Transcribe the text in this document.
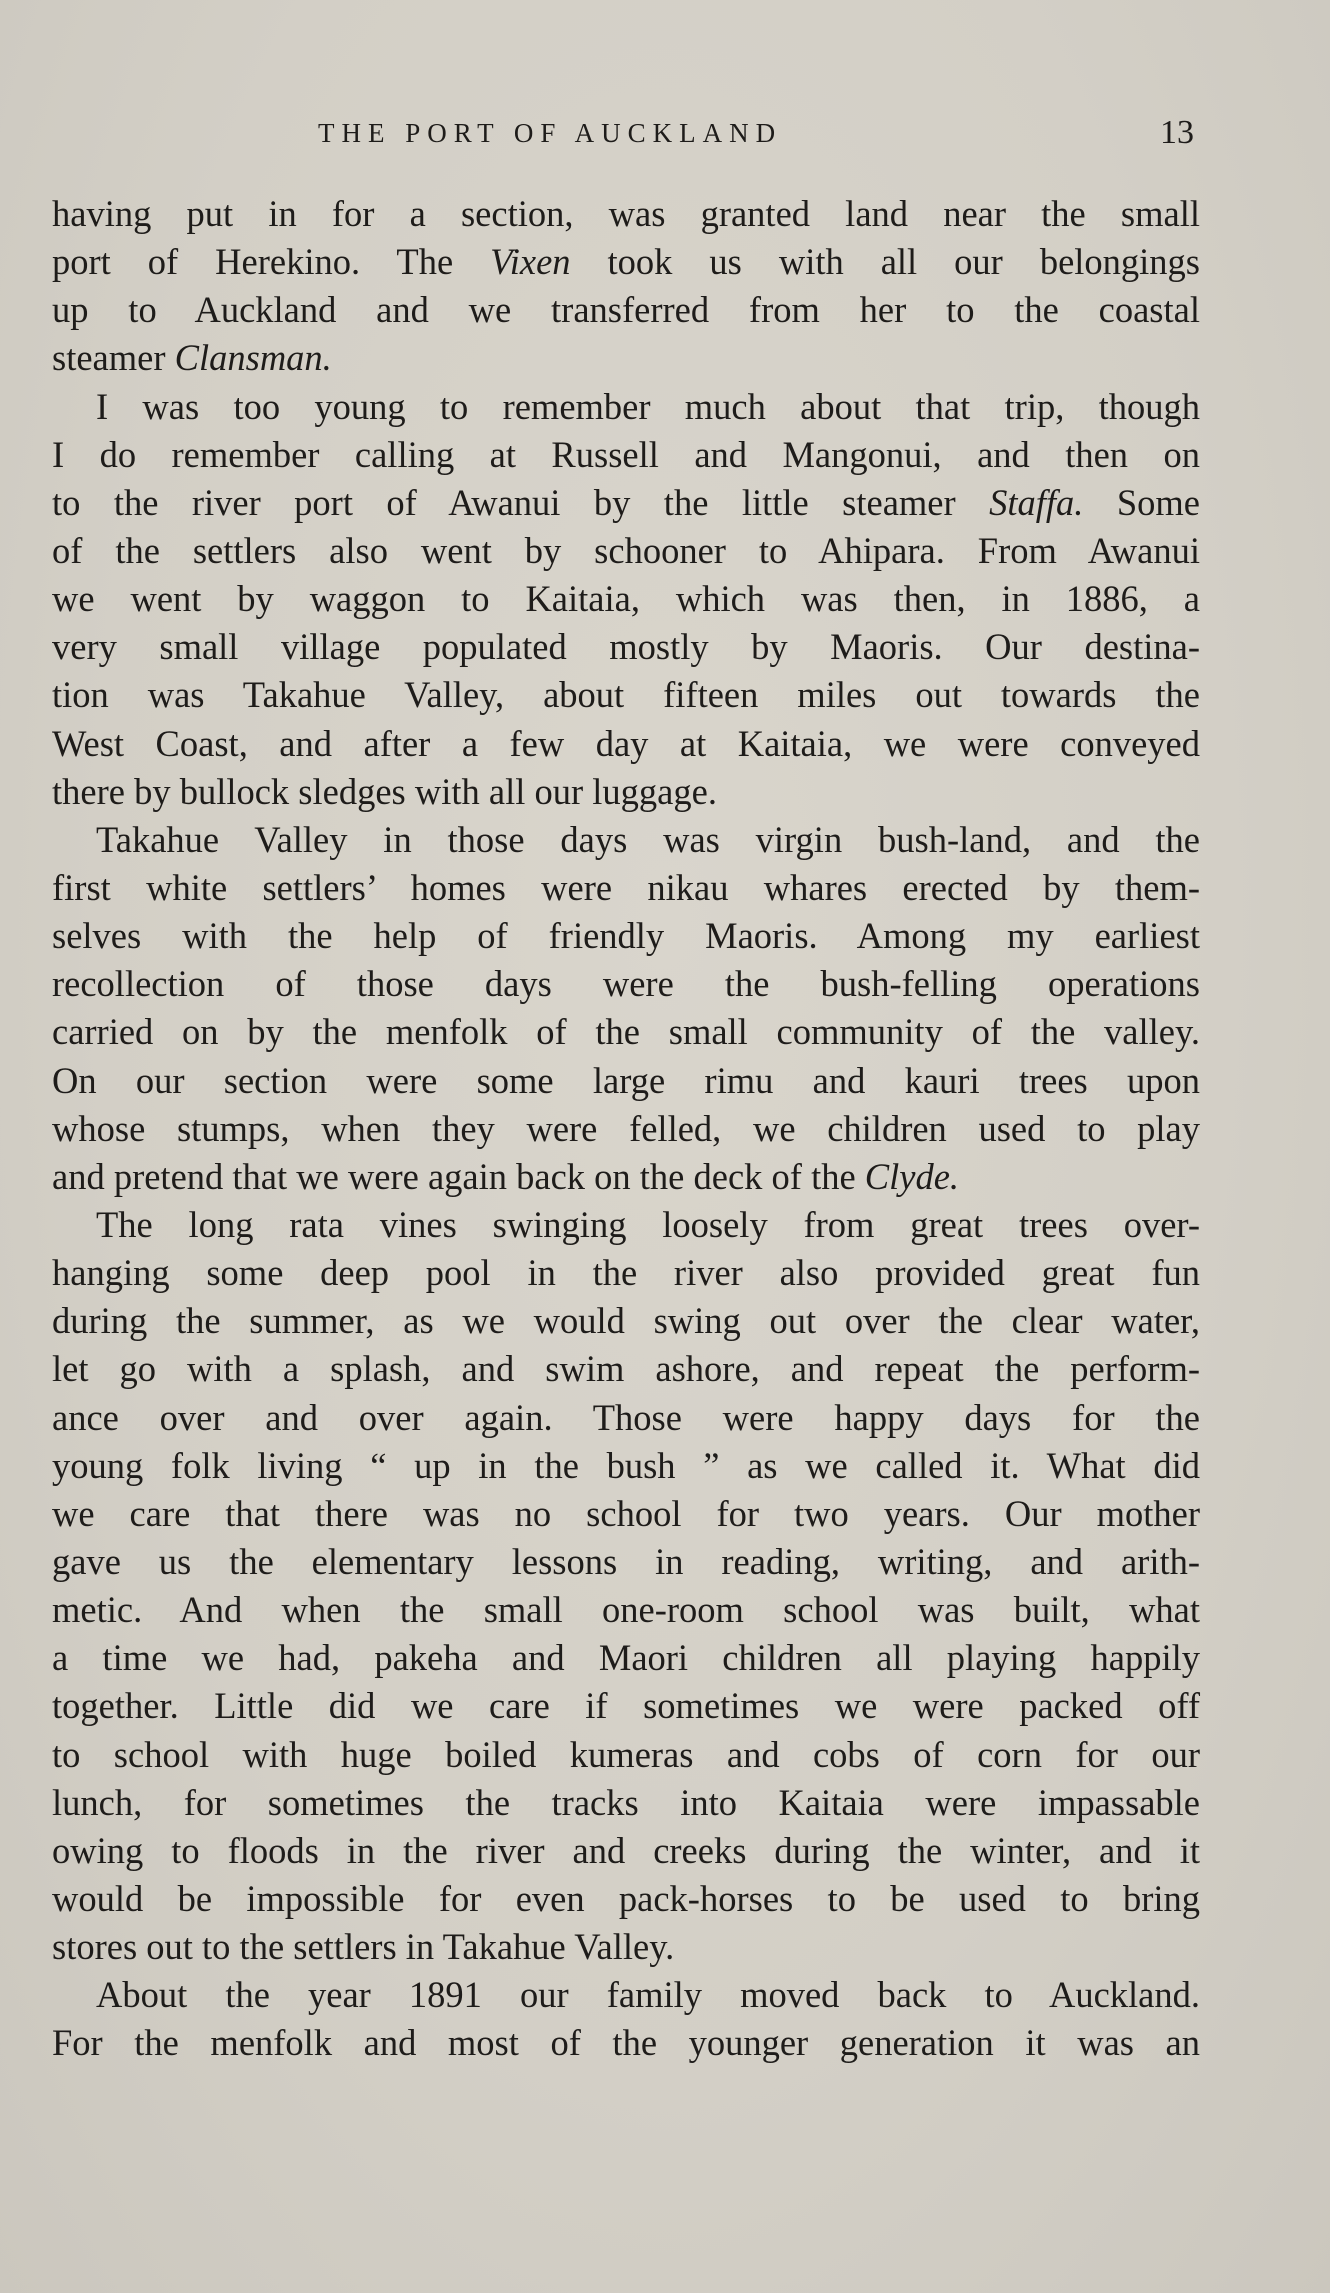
THE PORT OF AUCKLAND	13
having put in for a section, was granted land near the small
port of Herekino. The Vixen took us with all our belongings
up to Auckland and we transferred from her to the coastal
steamer Clansman.
I was too young to remember much about that trip, though
I do remember calling at Russell and Mangonui, and then on
to the river port of Awanui by the little steamer Staffa. Some
of the settlers also went by schooner to Ahipara. From Awanui
we went by waggon to Kaitaia, which was then, in 1886, a
very small village populated mostly by Maoris. Our destina-
tion was Takahue Valley, about fifteen miles out towards the
West Coast, and after a few day at Kaitaia, we were conveyed
there by bullock sledges with all our luggage.
Takahue Valley in those days was virgin bush-land, and the
first white settlers’ homes were nikau whares erected by them-
selves with the help of friendly Maoris. Among my earliest
recollection of those days were the bush-felling operations
carried on by the menfolk of the small community of the valley.
On our section were some large rimu and kauri trees upon
whose stumps, when they were felled, we children used to play
and pretend that we were again back on the deck of the Clyde.
The long rata vines swinging loosely from great trees over-
hanging some deep pool in the river also provided great fun
during the summer, as we would swing out over the clear water,
let go with a splash, and swim ashore, and repeat the perform-
ance over and over again. Those were happy days for the
young folk living “ up in the bush ” as we called it. What did
we care that there was no school for two years. Our mother
gave us the elementary lessons in reading, writing, and arith-
metic. And when the small one-room school was built, what
a time we had, pakeha and Maori children all playing happily
together. Little did we care if sometimes we were packed off
to school with huge boiled kumeras and cobs of corn for our
lunch, for sometimes the tracks into Kaitaia were impassable
owing to floods in the river and creeks during the winter, and it
would be impossible for even pack-horses to be used to bring
stores out to the settlers in Takahue Valley.
About the year 1891 our family moved back to Auckland.
For the menfolk and most of the younger generation it was an
